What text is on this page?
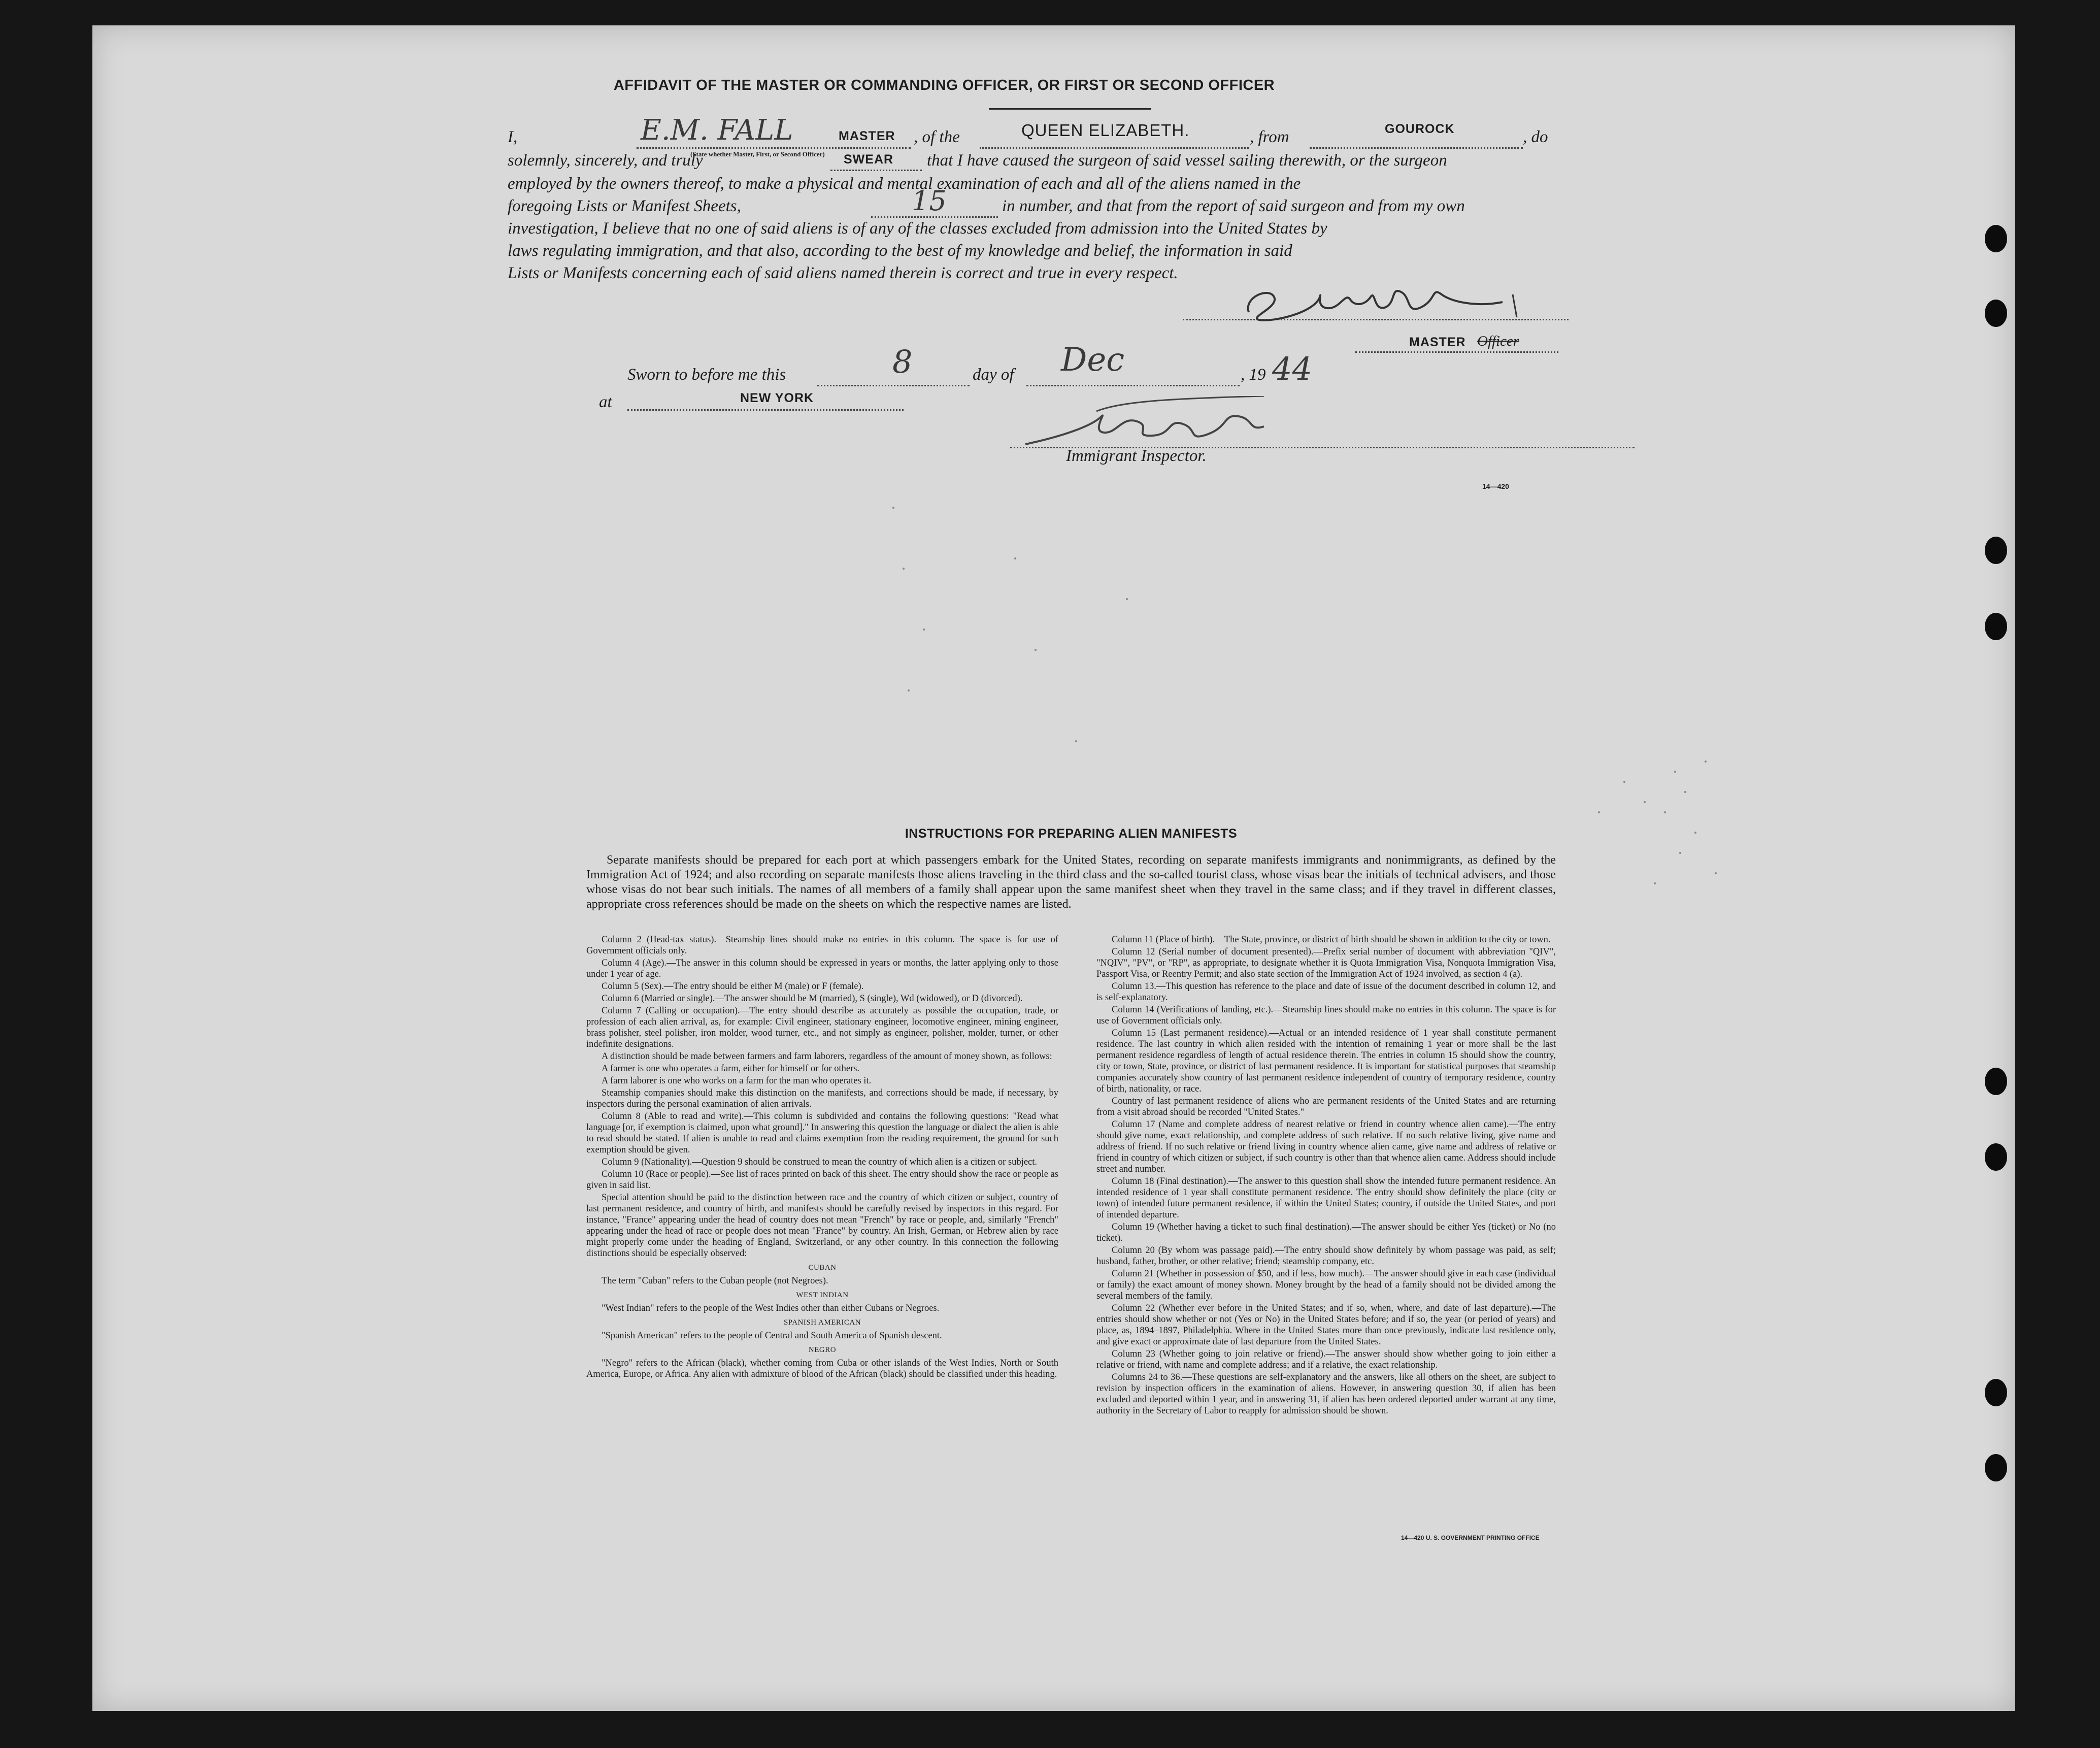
AFFIDAVIT OF THE MASTER OR COMMANDING OFFICER, OR FIRST OR SECOND OFFICER
I,	E.M. FALL	MASTER
(State whether Master, First, or Second Officer)
, of the	QUEEN ELIZABETH.	, from	GOUROCK	, do
solemnly, sincerely, and truly	SWEAR that I have caused the surgeon of said vessel sailing therewith, or the surgeon
employed by the owners thereof, to make a physical and mental examination of each and all of the aliens named in the
foregoing Lists or Manifest Sheets,	15	in number, and that from the report of said surgeon and from my own
investigation, I believe that no one of said aliens is of any of the classes excluded from admission into the United States by
laws regulating immigration, and that also, according to the best of my knowledge and belief, the information in said
Lists or Manifests concerning each of said aliens named therein is correct and true in every respect.
MASTER Officer
Sworn to before me this	8	day of Dec	, 19 44
at	NEW YORK
Immigrant Inspector.
14—420
INSTRUCTIONS FOR PREPARING ALIEN MANIFESTS
Separate manifests should be prepared for each port at which passengers embark for the United States, recording on separate manifests immigrants and nonimmigrants, as defined by the Immigration Act of 1924; and also recording on separate manifests those aliens traveling in the third class and the so-called tourist class, whose visas bear the initials of technical advisers, and those whose visas do not bear such initials. The names of all members of a family shall appear upon the same manifest sheet when they travel in the same class; and if they travel in different classes, appropriate cross references should be made on the sheets on which the respective names are listed.

Column 2 (Head-tax status).—Steamship lines should make no entries in this column. The space is for use of Government officials only.

Column 4 (Age).—The answer in this column should be expressed in years or months, the latter applying only to those under 1 year of age.

Column 5 (Sex).—The entry should be either M (male) or F (female).

Column 6 (Married or single).—The answer should be M (married), S (single), Wd (widowed), or D (divorced).

Column 7 (Calling or occupation).—The entry should describe as accurately as possible the occupation, trade, or profession of each alien arrival, as, for example: Civil engineer, stationary engineer, locomotive engineer, mining engineer, brass polisher, steel polisher, iron molder, wood turner, etc., and not simply as engineer, polisher, molder, turner, or other indefinite designations.

A distinction should be made between farmers and farm laborers, regardless of the amount of money shown, as follows:

A farmer is one who operates a farm, either for himself or for others.

A farm laborer is one who works on a farm for the man who operates it.

Steamship companies should make this distinction on the manifests, and corrections should be made, if necessary, by inspectors during the personal examination of alien arrivals.

Column 8 (Able to read and write).—This column is subdivided and contains the following questions: "Read what language [or, if exemption is claimed, upon what ground]." In answering this question the language or dialect the alien is able to read should be stated. If alien is unable to read and claims exemption from the reading requirement, the ground for such exemption should be given.

Column 9 (Nationality).—Question 9 should be construed to mean the country of which alien is a citizen or subject.

Column 10 (Race or people).—See list of races printed on back of this sheet. The entry should show the race or people as given in said list.

Special attention should be paid to the distinction between race and the country of which citizen or subject, country of last permanent residence, and country of birth, and manifests should be carefully revised by inspectors in this regard. For instance, "France" appearing under the head of country does not mean "French" by race or people, and, similarly "French" appearing under the head of race or people does not mean "France" by country. An Irish, German, or Hebrew alien by race might properly come under the heading of England, Switzerland, or any other country. In this connection the following distinctions should be especially observed:

CUBAN

The term "Cuban" refers to the Cuban people (not Negroes).

WEST INDIAN

"West Indian" refers to the people of the West Indies other than either Cubans or Negroes.

SPANISH AMERICAN

"Spanish American" refers to the people of Central and South America of Spanish descent.

NEGRO

"Negro" refers to the African (black), whether coming from Cuba or other islands of the West Indies, North or South America, Europe, or Africa. Any alien with admixture of blood of the African (black) should be classified under this heading.

Column 11 (Place of birth).—The State, province, or district of birth should be shown in addition to the city or town.

Column 12 (Serial number of document presented).—Prefix serial number of document with abbreviation "QIV", "NQIV", "PV", or "RP", as appropriate, to designate whether it is Quota Immigration Visa, Nonquota Immigration Visa, Passport Visa, or Reentry Permit; and also state section of the Immigration Act of 1924 involved, as section 4 (a).

Column 13.—This question has reference to the place and date of issue of the document described in column 12, and is self-explanatory.

Column 14 (Verifications of landing, etc.).—Steamship lines should make no entries in this column. The space is for use of Government officials only.

Column 15 (Last permanent residence).—Actual or an intended residence of 1 year shall constitute permanent residence. The last country in which alien resided with the intention of remaining 1 year or more shall be the last permanent residence regardless of length of actual residence therein. The entries in column 15 should show the country, city or town, State, province, or district of last permanent residence. It is important for statistical purposes that steamship companies accurately show country of last permanent residence independent of country of temporary residence, country of birth, nationality, or race.

Country of last permanent residence of aliens who are permanent residents of the United States and are returning from a visit abroad should be recorded "United States."

Column 17 (Name and complete address of nearest relative or friend in country whence alien came).—The entry should give name, exact relationship, and complete address of such relative. If no such relative living, give name and address of friend. If no such relative or friend living in country whence alien came, give name and address of relative or friend in country of which citizen or subject, if such country is other than that whence alien came. Address should include street and number.

Column 18 (Final destination).—The answer to this question shall show the intended future permanent residence. An intended residence of 1 year shall constitute permanent residence. The entry should show definitely the place (city or town) of intended future permanent residence, if within the United States; country, if outside the United States, and port of intended departure.

Column 19 (Whether having a ticket to such final destination).—The answer should be either Yes (ticket) or No (no ticket).

Column 20 (By whom was passage paid).—The entry should show definitely by whom passage was paid, as self; husband, father, brother, or other relative; friend; steamship company, etc.

Column 21 (Whether in possession of $50, and if less, how much).—The answer should give in each case (individual or family) the exact amount of money shown. Money brought by the head of a family should not be divided among the several members of the family.

Column 22 (Whether ever before in the United States; and if so, when, where, and date of last departure).—The entries should show whether or not (Yes or No) in the United States before; and if so, the year (or period of years) and place, as, 1894–1897, Philadelphia. Where in the United States more than once previously, indicate last residence only, and give exact or approximate date of last departure from the United States.

Column 23 (Whether going to join relative or friend).—The answer should show whether going to join either a relative or friend, with name and complete address; and if a relative, the exact relationship.

Columns 24 to 36.—These questions are self-explanatory and the answers, like all others on the sheet, are subject to revision by inspection officers in the examination of aliens. However, in answering question 30, if alien has been excluded and deported within 1 year, and in answering 31, if alien has been ordered deported under warrant at any time, authority in the Secretary of Labor to reapply for admission should be shown.

14—420 U. S. GOVERNMENT PRINTING OFFICE
